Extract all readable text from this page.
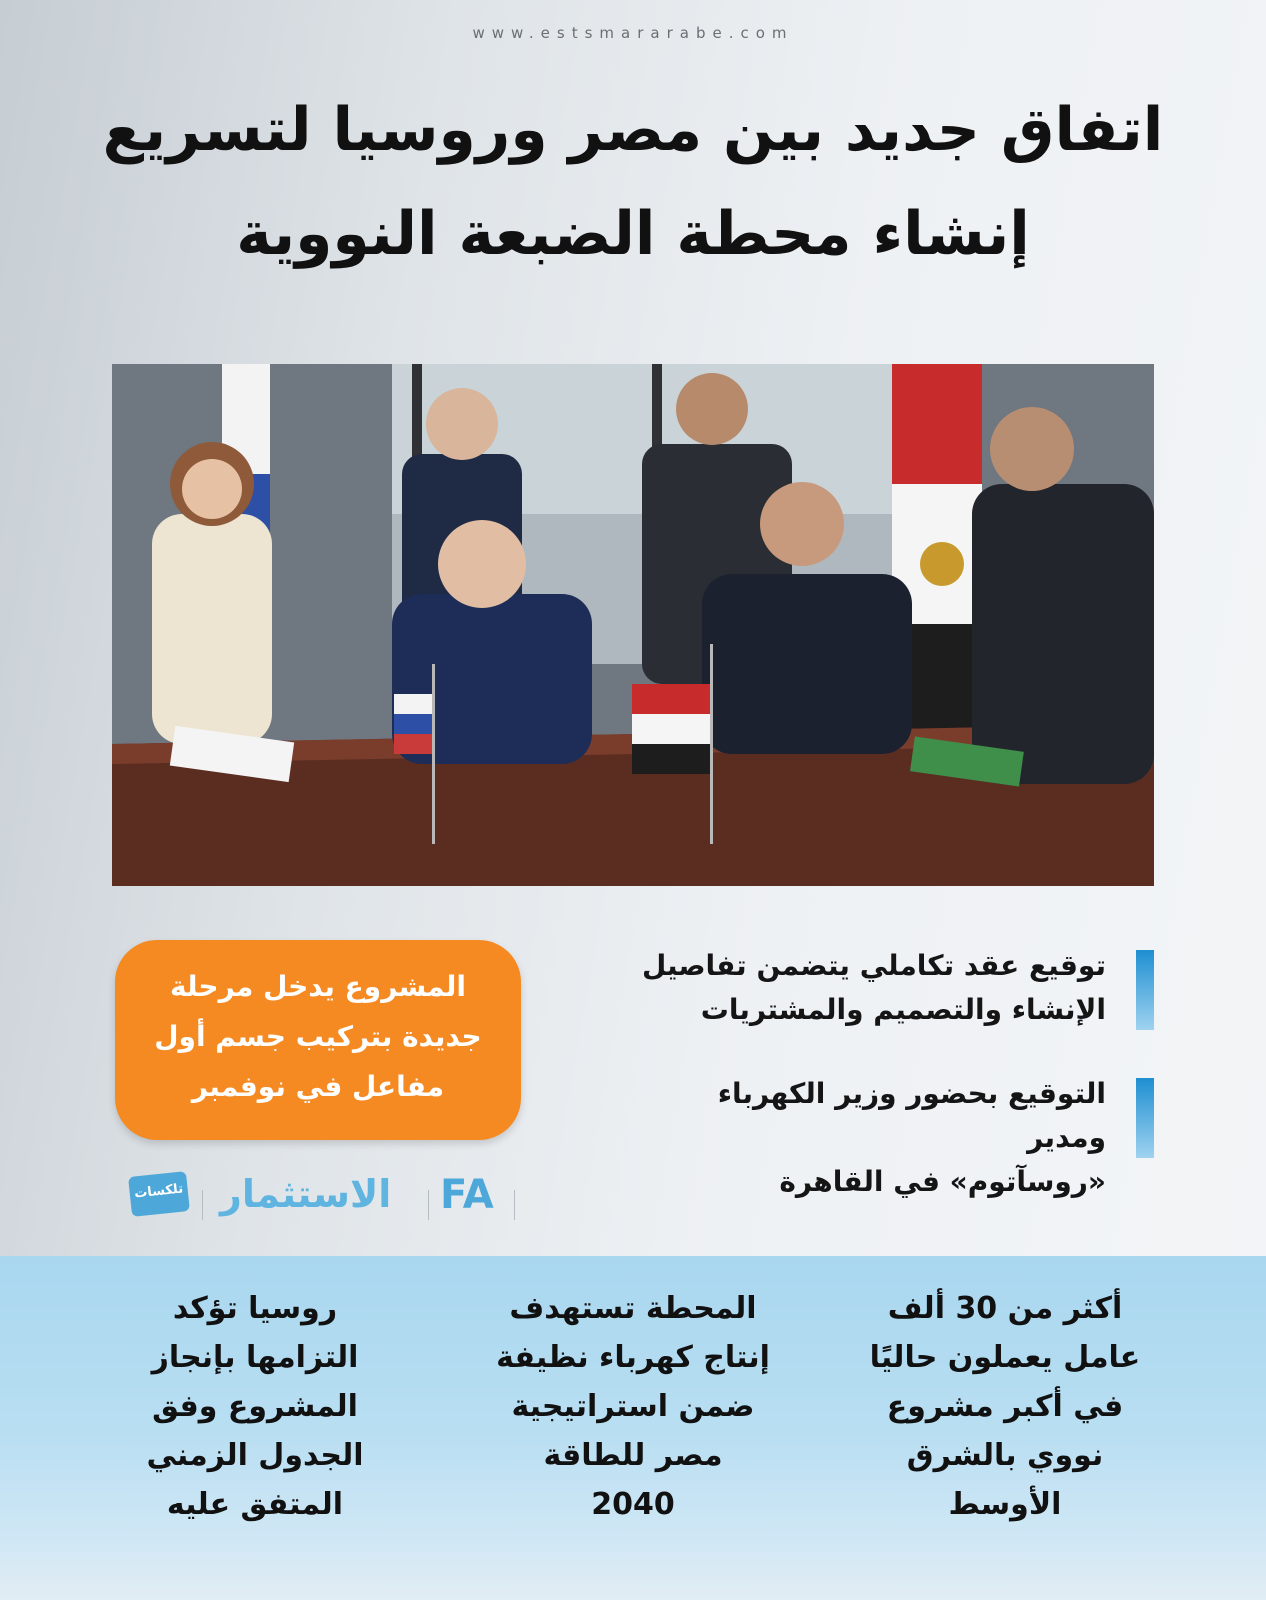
www.estsmararabe.com
اتفاق جديد بين مصر وروسيا لتسريع
إنشاء محطة الضبعة النووية
توقيع عقد تكاملي يتضمن تفاصيل
الإنشاء والتصميم والمشتريات
التوقيع بحضور وزير الكهرباء ومدير
«روسآتوم» في القاهرة
المشروع يدخل مرحلة
جديدة بتركيب جسم أول
مفاعل في نوفمبر
تلكسات الاستثمار FA
أكثر من 30 ألف
عامل يعملون حاليًا
في أكبر مشروع
نووي بالشرق
الأوسط
المحطة تستهدف
إنتاج كهرباء نظيفة
ضمن استراتيجية
مصر للطاقة
2040
روسيا تؤكد
التزامها بإنجاز
المشروع وفق
الجدول الزمني
المتفق عليه
